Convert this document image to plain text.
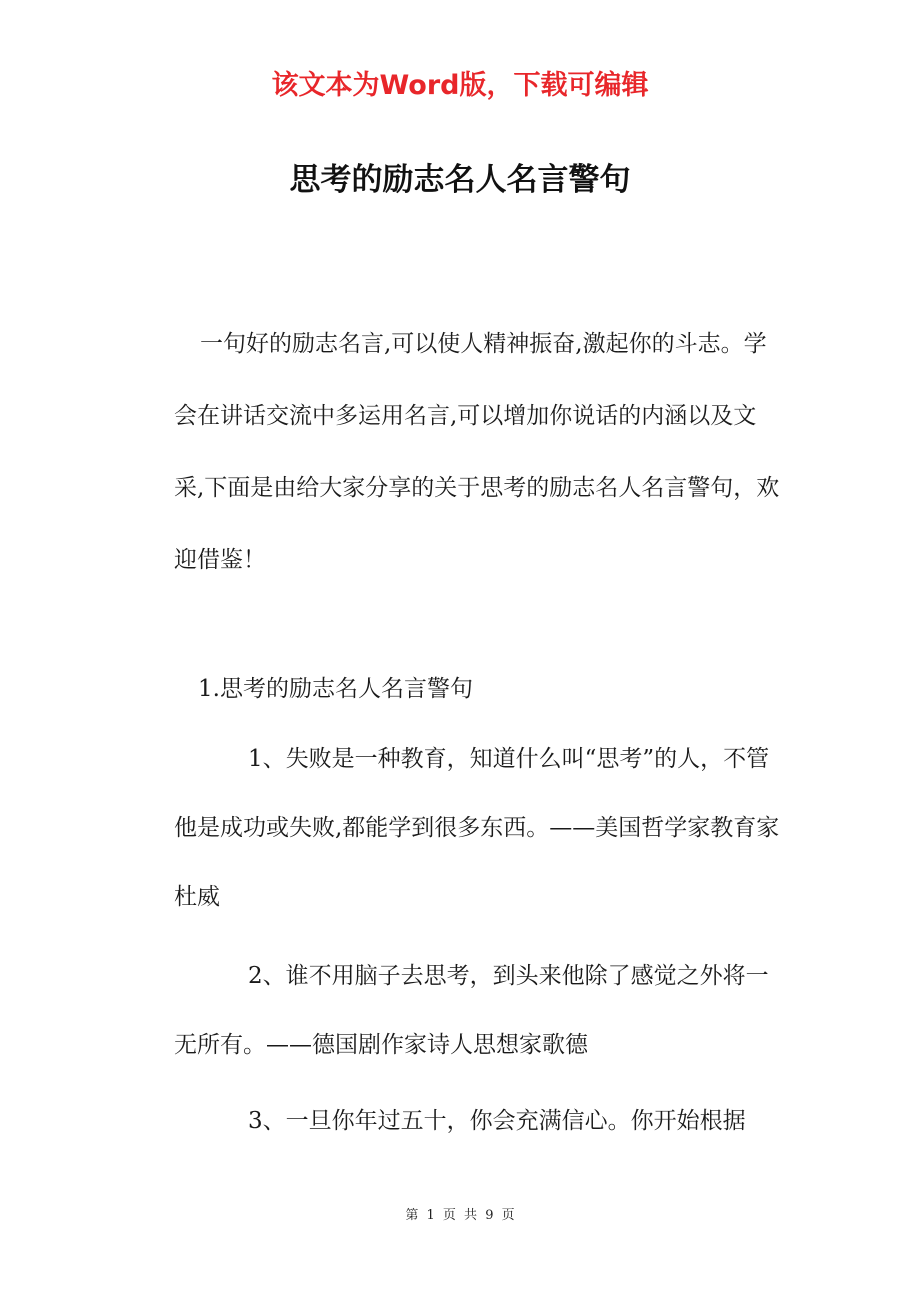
该文本为Word版，下载可编辑
思考的励志名人名言警句
一句好的励志名言,可以使人精神振奋,激起你的斗志。学会在讲话交流中多运用名言,可以增加你说话的内涵以及文采,下面是由给大家分享的关于思考的励志名人名言警句，欢迎借鉴！
1.思考的励志名人名言警句
1、失败是一种教育，知道什么叫“思考”的人，不管他是成功或失败,都能学到很多东西。——美国哲学家教育家杜威
2、谁不用脑子去思考，到头来他除了感觉之外将一无所有。——德国剧作家诗人思想家歌德
3、一旦你年过五十，你会充满信心。你开始根据
第 1 页 共 9 页
